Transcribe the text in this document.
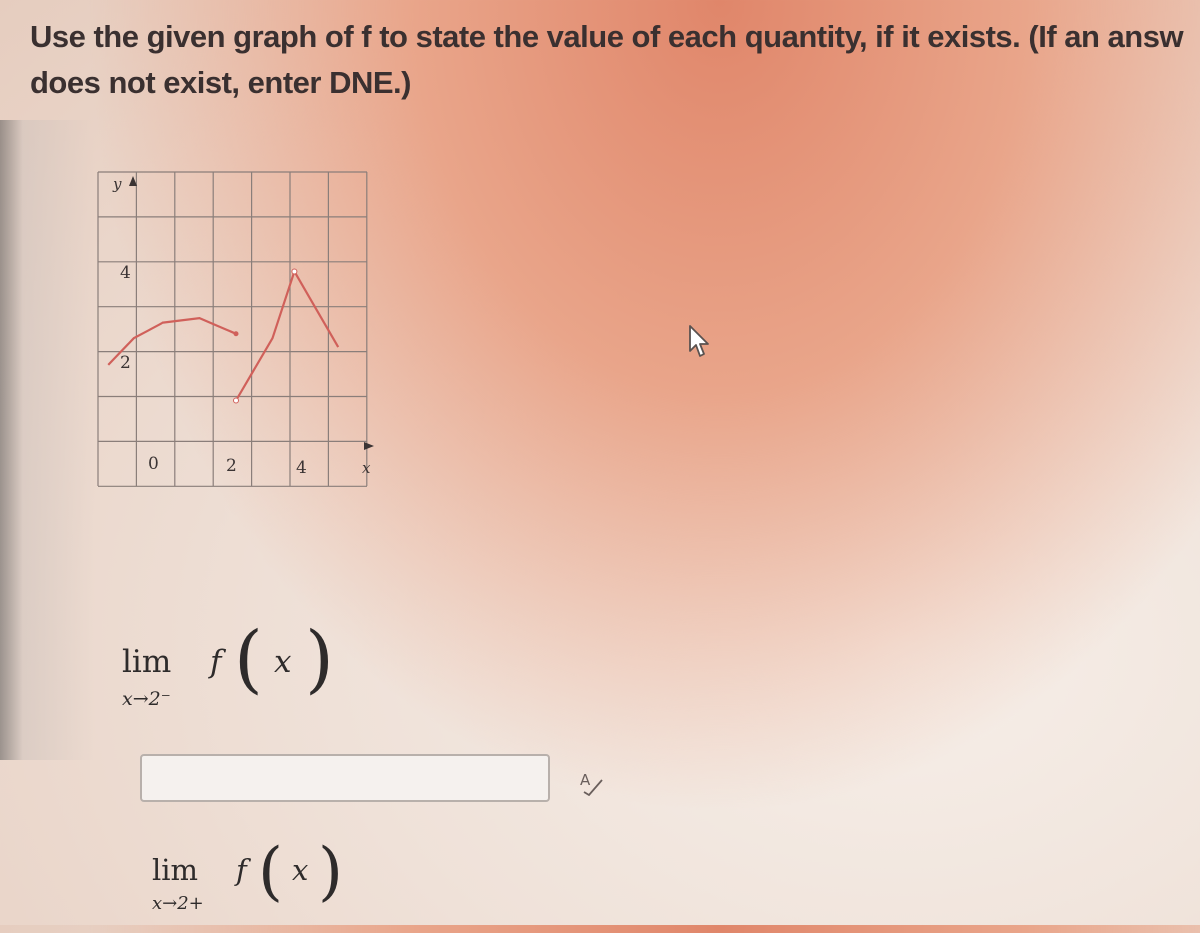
Use the given graph of f to state the value of each quantity, if it exists. (If an answ
does not exist, enter DNE.)
y
4
2
0	2	4	x
lim
x→2⁻
f ( x )
A
lim
x→2+
f ( x )
